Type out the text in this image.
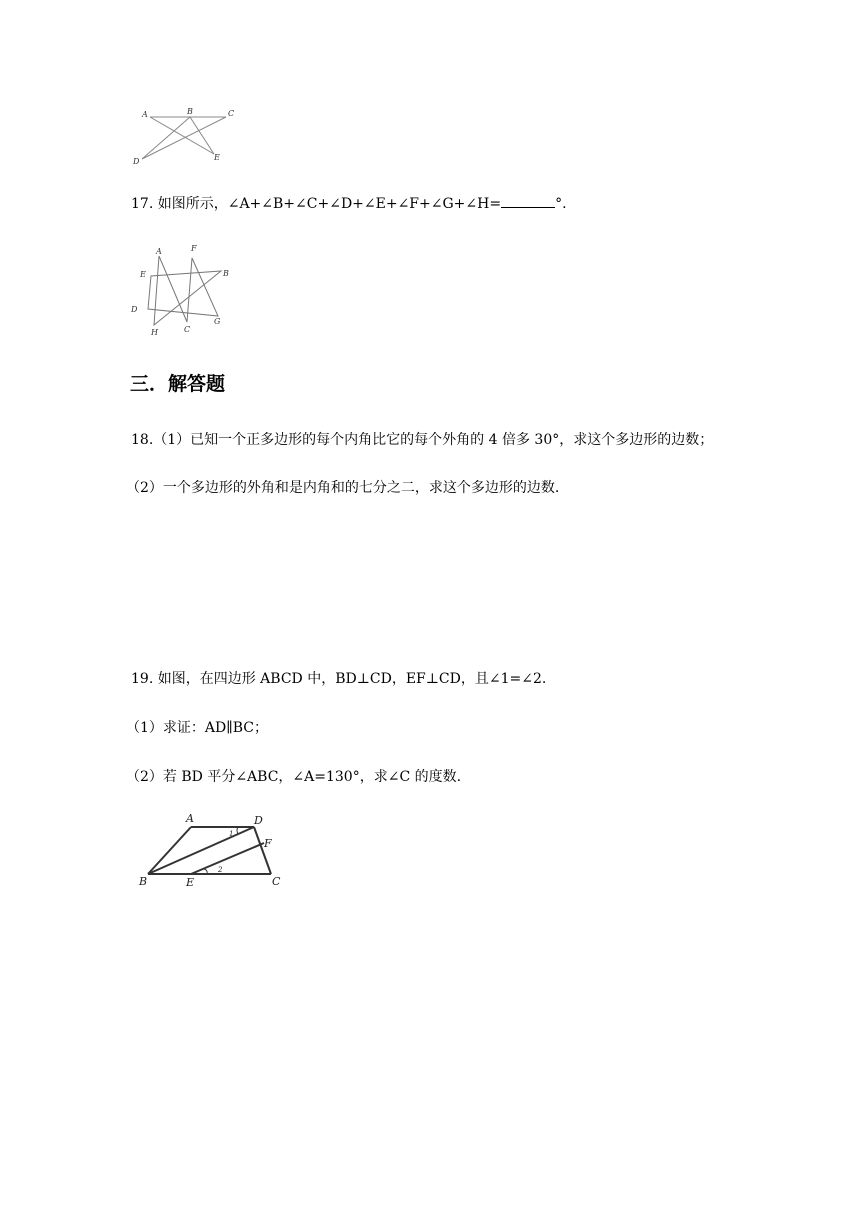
A	B	C
D	E
17. 如图所示，∠A+∠B+∠C+∠D+∠E+∠F+∠G+∠H=	°.
A	F
E	B
D
H	C
G
三．解答题
18.（1）已知一个正多边形的每个内角比它的每个外角的 4 倍多 30°，求这个多边形的边数；
（2）一个多边形的外角和是内角和的七分之二，求这个多边形的边数.
19. 如图，在四边形 ABCD 中，BD⊥CD，EF⊥CD，且∠1=∠2.
（1）求证：AD∥BC；
（2）若 BD 平分∠ABC，∠A=130°，求∠C 的度数.
A	D
F
B	E	C
1
2
